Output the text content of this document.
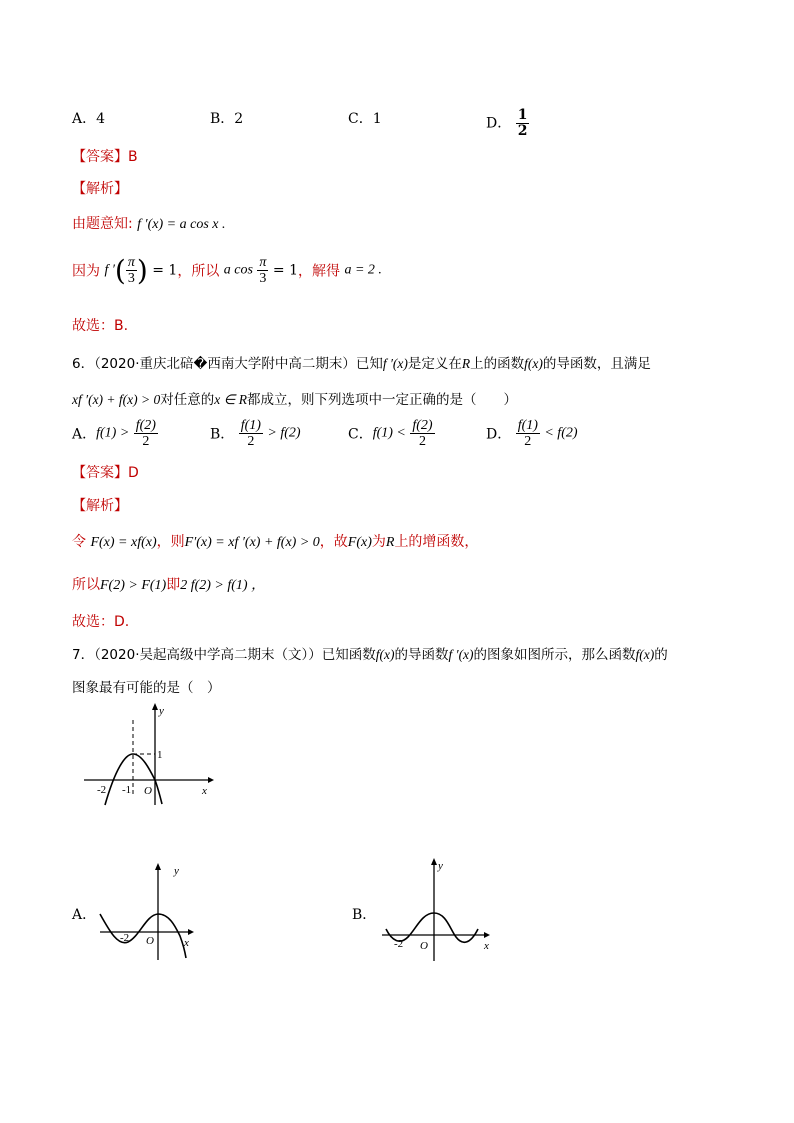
A．4	B．2	C．1	D． $\frac{1}{2}$
【答案】B
【解析】
由题意知: f ′(x) = a cos x .
因为 f ′( $\frac{\pi}{3}$ ) = 1，所以 a $\cos \frac{\pi}{3} = 1$，解得 a = 2 .
故选：B.
6．（2020·重庆北碚�西南大学附中高二期末）已知f ′(x)是定义在R上的函数f(x)的导函数，且满足
xf ′(x) + f(x) > 0对任意的x ∈ R都成立，则下列选项中一定正确的是（　　）
A．$f(1) > \frac{f(2)}{2}$	B． $\frac{f(1)}{2} > f(2)$	C．$f(1) < \frac{f(2)}{2}$	D． $\frac{f(1)}{2} < f(2)$
【答案】D
【解析】
令 F(x) = xf(x)，则F′(x) = xf ′(x) + f(x) > 0，故F(x)为R上的增函数，
所以F(2) > F(1)即2 f(2) > f(1) ，
故选：D.
7．（2020·吴起高级中学高二期末（文））已知函数f(x)的导函数f ′(x)的图象如图所示，那么函数f(x)的
图象最有可能的是（　）
y
x
1
-2 -1 O
A．
y
x
-2 O
B．
y
x
-2 O
